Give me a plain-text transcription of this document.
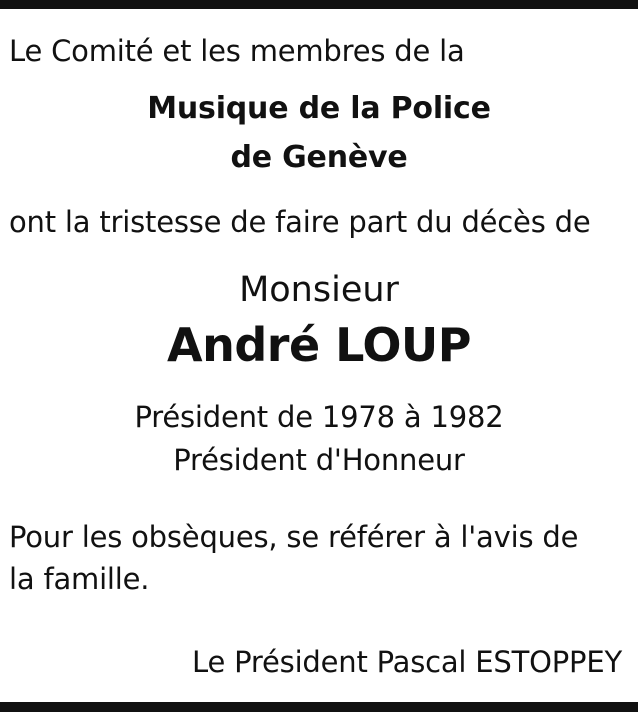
Le Comité et les membres de la
Musique de la Police
de Genève
ont la tristesse de faire part du décès de
Monsieur
André LOUP
Président de 1978 à 1982
Président d'Honneur
Pour les obsèques, se référer à l'avis de
la famille.
Le Président Pascal ESTOPPEY
